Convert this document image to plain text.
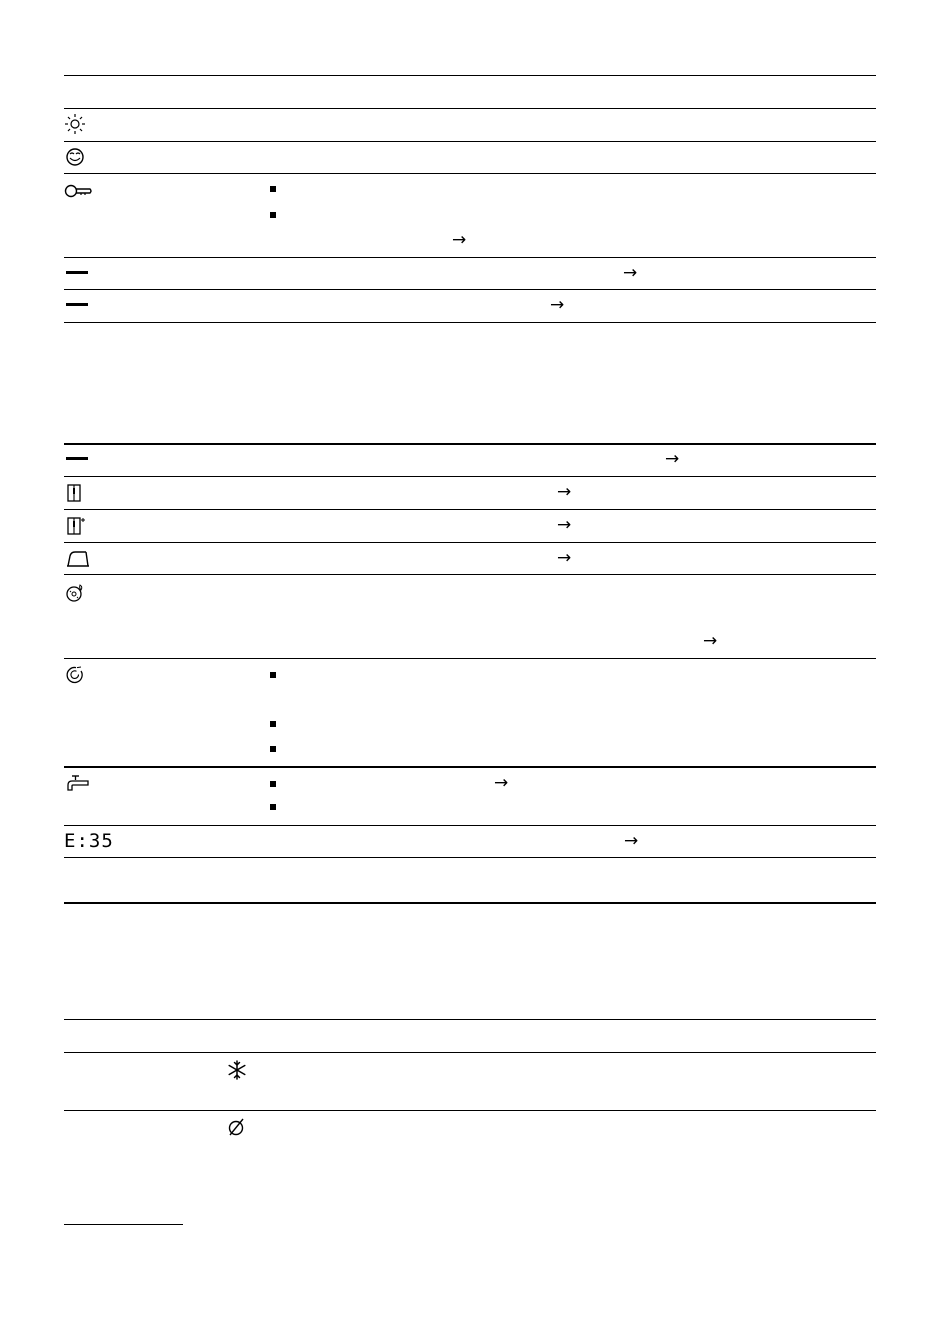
→
→
→
→
→
→
→
→
→
E:35	→
